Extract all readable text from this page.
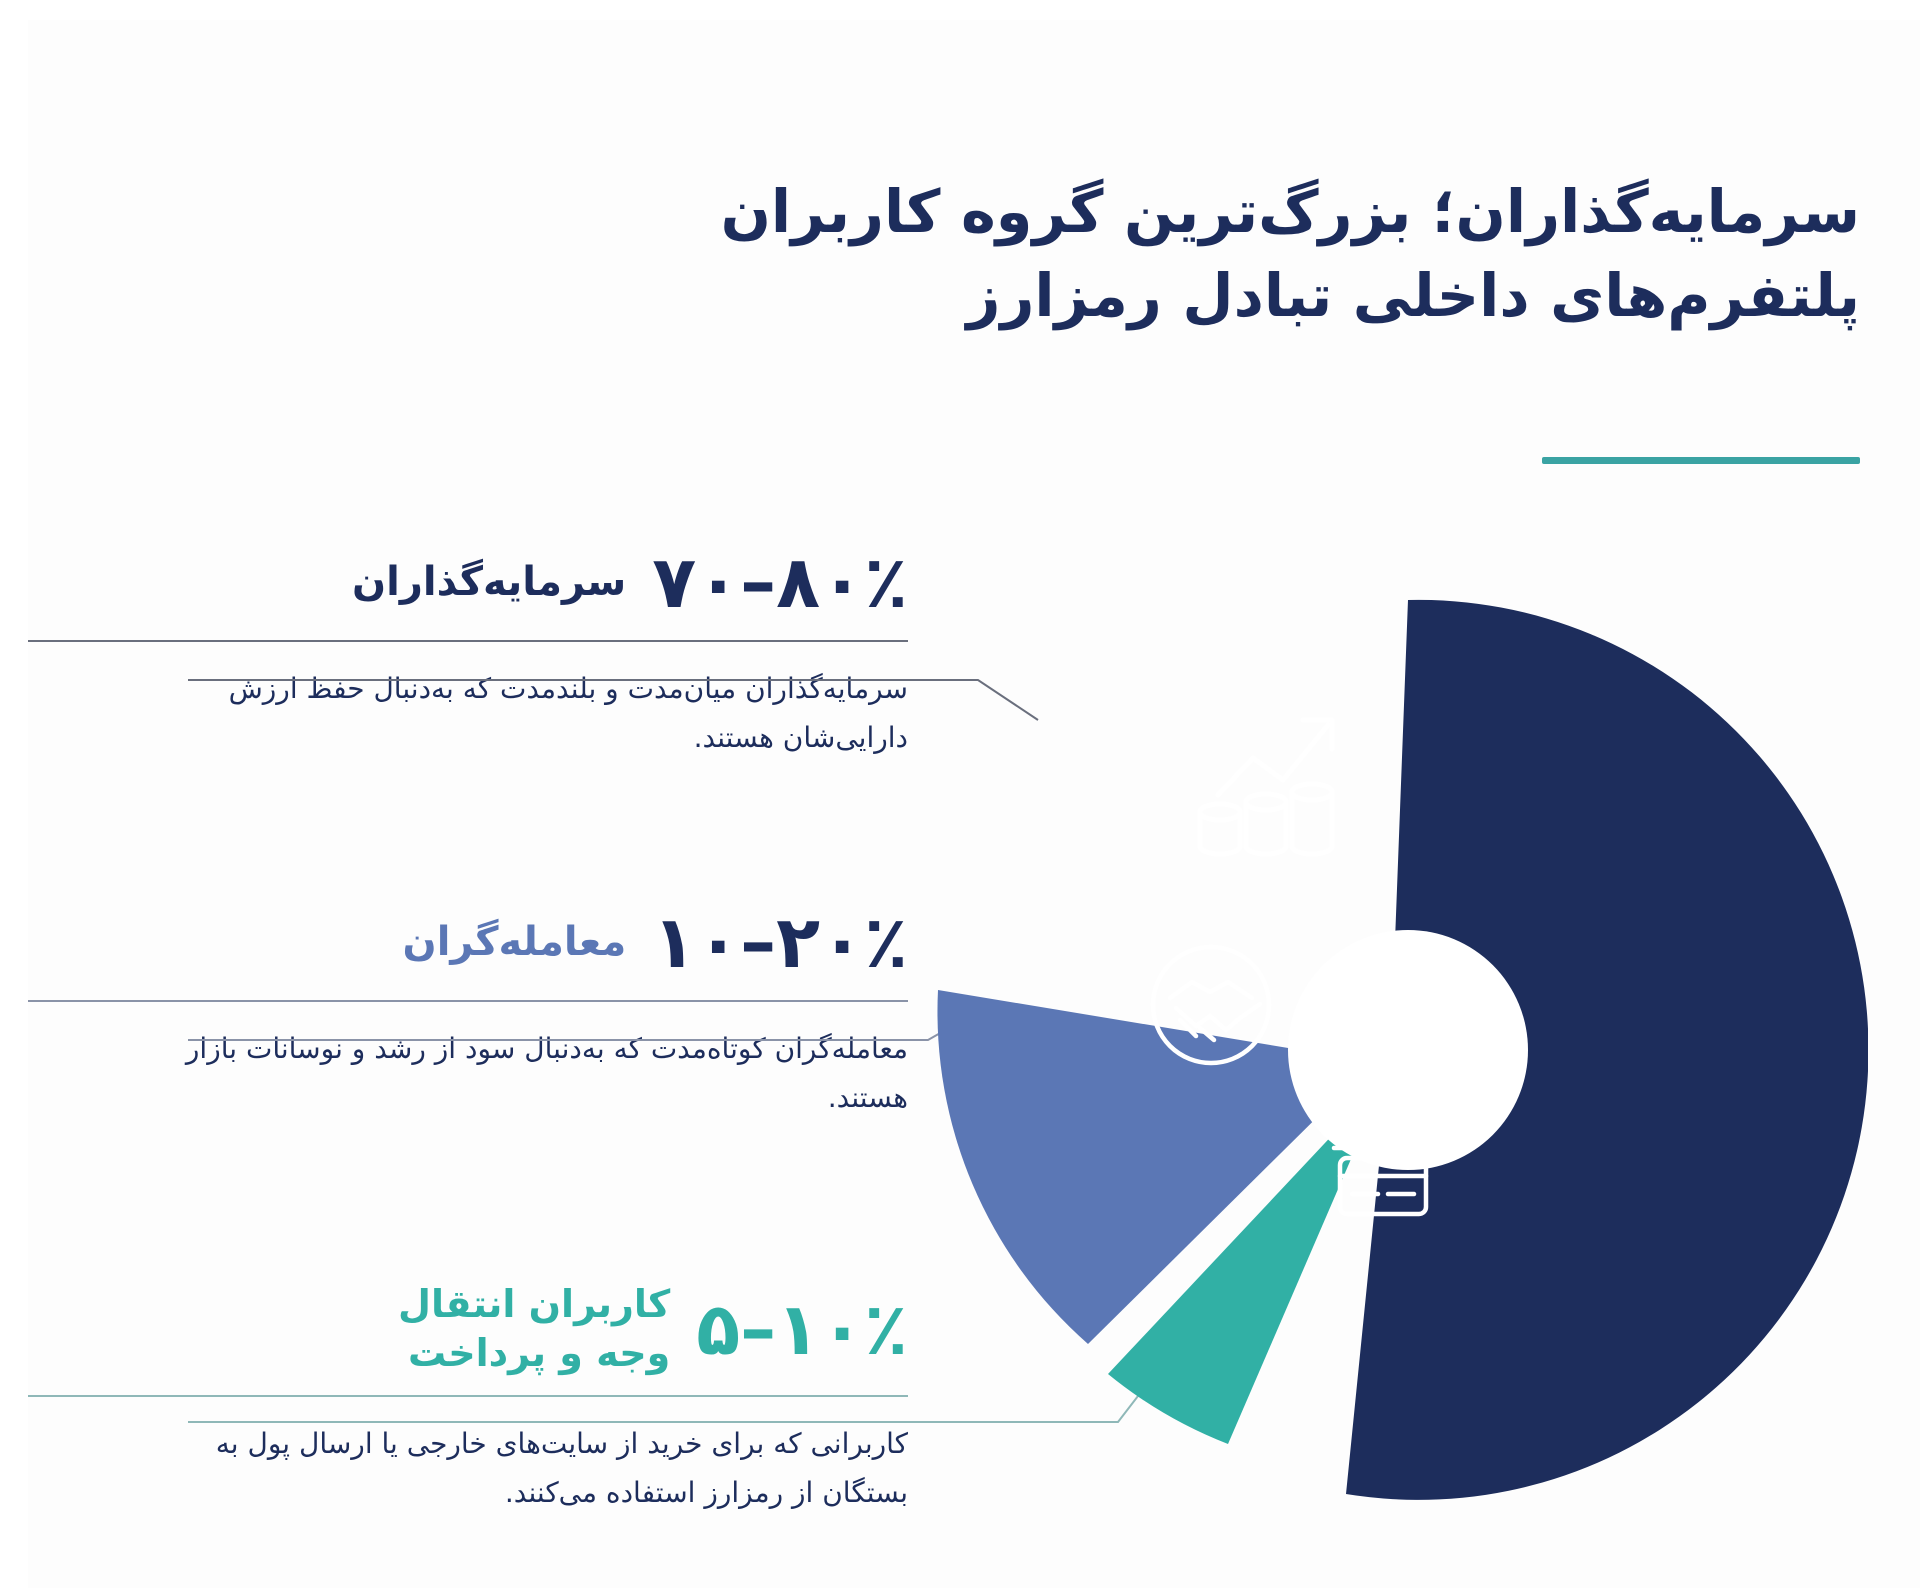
سرمایه‌گذاران؛ بزرگ‌ترین گروه کاربران
پلتفرم‌های داخلی تبادل رمزارز
۷۰–۸۰٪
سرمایه‌گذاران
سرمایه‌گذاران میان‌مدت و بلندمدت که به‌دنبال حفظ ارزش دارایی‌شان هستند.
۱۰–۲۰٪
معامله‌گران
معامله‌گران کوتاه‌مدت که به‌دنبال سود از رشد و نوسانات بازار هستند.
۵–۱۰٪
کاربران انتقال وجه و پرداخت
کاربرانی که برای خرید از سایت‌های خارجی یا ارسال پول به بستگان از رمزارز استفاده می‌کنند.
